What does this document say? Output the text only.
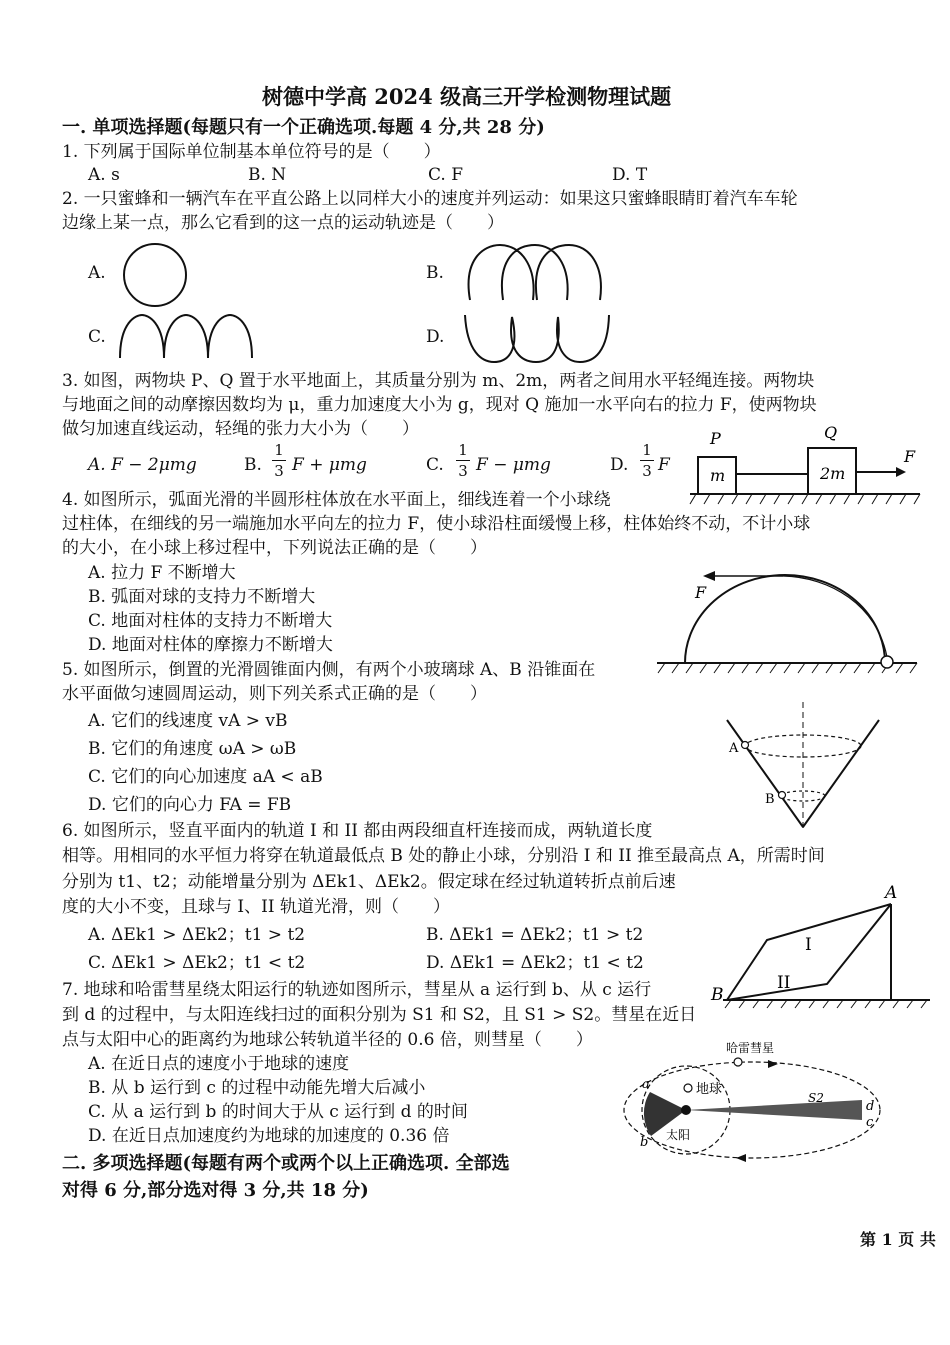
树德中学高 2024 级高三开学检测物理试题
一. 单项选择题(每题只有一个正确选项.每题 4 分,共 28 分)
1. 下列属于国际单位制基本单位符号的是（　　）
A. s	B. N	C. F	D. T
2. 一只蜜蜂和一辆汽车在平直公路上以同样大小的速度并列运动：如果这只蜜蜂眼睛盯着汽车车轮
边缘上某一点，那么它看到的这一点的运动轨迹是（　　）
A.	B.
C.	D.
3. 如图，两物块 P、Q 置于水平地面上，其质量分别为 m、2m，两者之间用水平轻绳连接。两物块
与地面之间的动摩擦因数均为 μ，重力加速度大小为 g，现对 Q 施加一水平向右的拉力 F，使两物块
做匀加速直线运动，轻绳的张力大小为（　　）
A. F − 2μmg	B.
1
3 F + μmg	C.
1
3 F − μmg	D.
1
3 F
P	Q
m	2m
F
4. 如图所示，弧面光滑的半圆形柱体放在水平面上，细线连着一个小球绕
过柱体，在细线的另一端施加水平向左的拉力 F，使小球沿柱面缓慢上移，柱体始终不动，不计小球
的大小，在小球上移过程中，下列说法正确的是（　　）
A. 拉力 F 不断增大
B. 弧面对球的支持力不断增大
C. 地面对柱体的支持力不断增大
D. 地面对柱体的摩擦力不断增大
F
5. 如图所示，倒置的光滑圆锥面内侧，有两个小玻璃球 A、B 沿锥面在
水平面做匀速圆周运动，则下列关系式正确的是（　　）
A. 它们的线速度 vA > vB
B. 它们的角速度 ωA > ωB
C. 它们的向心加速度 aA < aB
D. 它们的向心力 FA = FB
A
B
6. 如图所示，竖直平面内的轨道 I 和 II 都由两段细直杆连接而成，两轨道长度
相等。用相同的水平恒力将穿在轨道最低点 B 处的静止小球，分别沿 I 和 II 推至最高点 A，所需时间
分别为 t1、t2；动能增量分别为 ΔEk1、ΔEk2。假定球在经过轨道转折点前后速
度的大小不变，且球与 I、II 轨道光滑，则（　　）
A. ΔEk1 > ΔEk2；t1 > t2	B. ΔEk1 = ΔEk2；t1 > t2
C. ΔEk1 > ΔEk2；t1 < t2	D. ΔEk1 = ΔEk2；t1 < t2
A
B
I
II
7. 地球和哈雷彗星绕太阳运行的轨迹如图所示，彗星从 a 运行到 b、从 c 运行
到 d 的过程中，与太阳连线扫过的面积分别为 S1 和 S2，且 S1 > S2。彗星在近日
点与太阳中心的距离约为地球公转轨道半径的 0.6 倍，则彗星（　　）
A. 在近日点的速度小于地球的速度
B. 从 b 运行到 c 的过程中动能先增大后减小
C. 从 a 运行到 b 的时间大于从 c 运行到 d 的时间
D. 在近日点加速度约为地球的加速度的 0.36 倍
哈雷彗星
地球
太阳
S2
a
b
c
d
二. 多项选择题(每题有两个或两个以上正确选项. 全部选
对得 6 分,部分选对得 3 分,共 18 分)
第 1 页 共
